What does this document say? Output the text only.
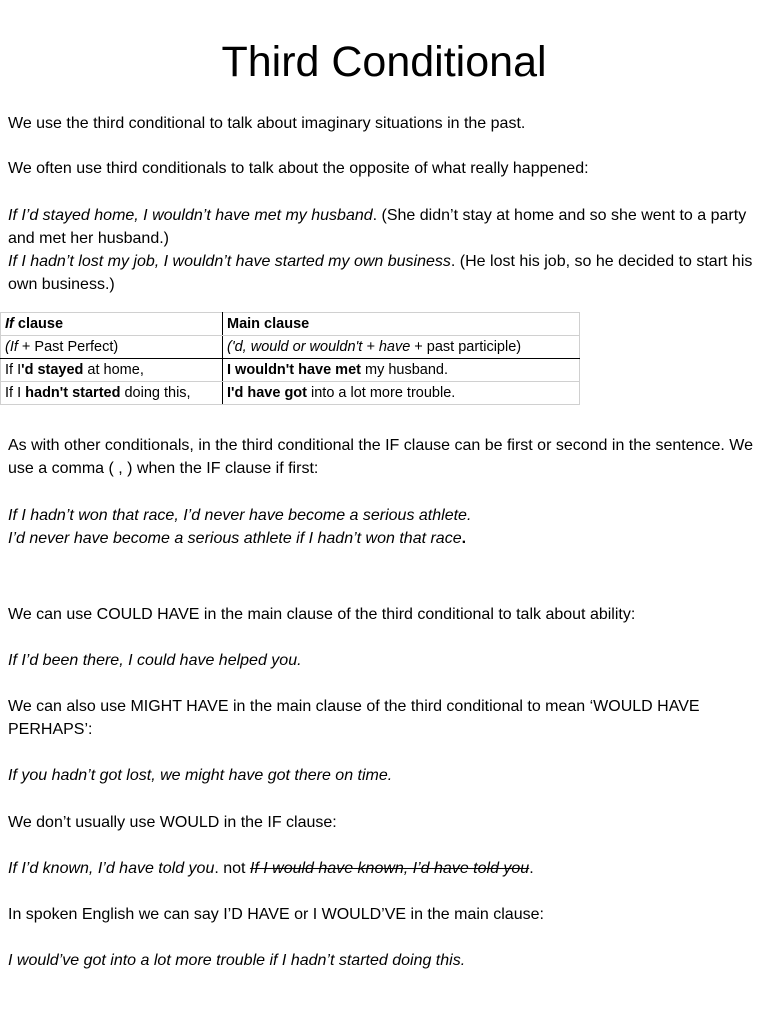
Third Conditional

We use the third conditional to talk about imaginary situations in the past.

We often use third conditionals to talk about the opposite of what really happened:

If I’d stayed home, I wouldn’t have met my husband. (She didn’t stay at home and so she went to a party and met her husband.)

If I hadn’t lost my job, I wouldn’t have started my own business. (He lost his job, so he decided to start his own business.)

If clause	Main clause
(If + Past Perfect)	('d, would or wouldn't + have + past participle)
If I'd stayed at home,	I wouldn't have met my husband.
If I hadn't started doing this,	I'd have got into a lot more trouble.

As with other conditionals, in the third conditional the IF clause can be first or second in the sentence. We use a comma ( , ) when the IF clause if first:

If I hadn’t won that race, I’d never have become a serious athlete.

I’d never have become a serious athlete if I hadn’t won that race.

We can use COULD HAVE in the main clause of the third conditional to talk about ability:

If I’d been there, I could have helped you.

We can also use MIGHT HAVE in the main clause of the third conditional to mean ‘WOULD HAVE PERHAPS’:

If you hadn’t got lost, we might have got there on time.

We don’t usually use WOULD in the IF clause:

If I’d known, I’d have told you. not If I would have known, I’d have told you.

In spoken English we can say I’D HAVE or I WOULD’VE in the main clause:

I would’ve got into a lot more trouble if I hadn’t started doing this.
